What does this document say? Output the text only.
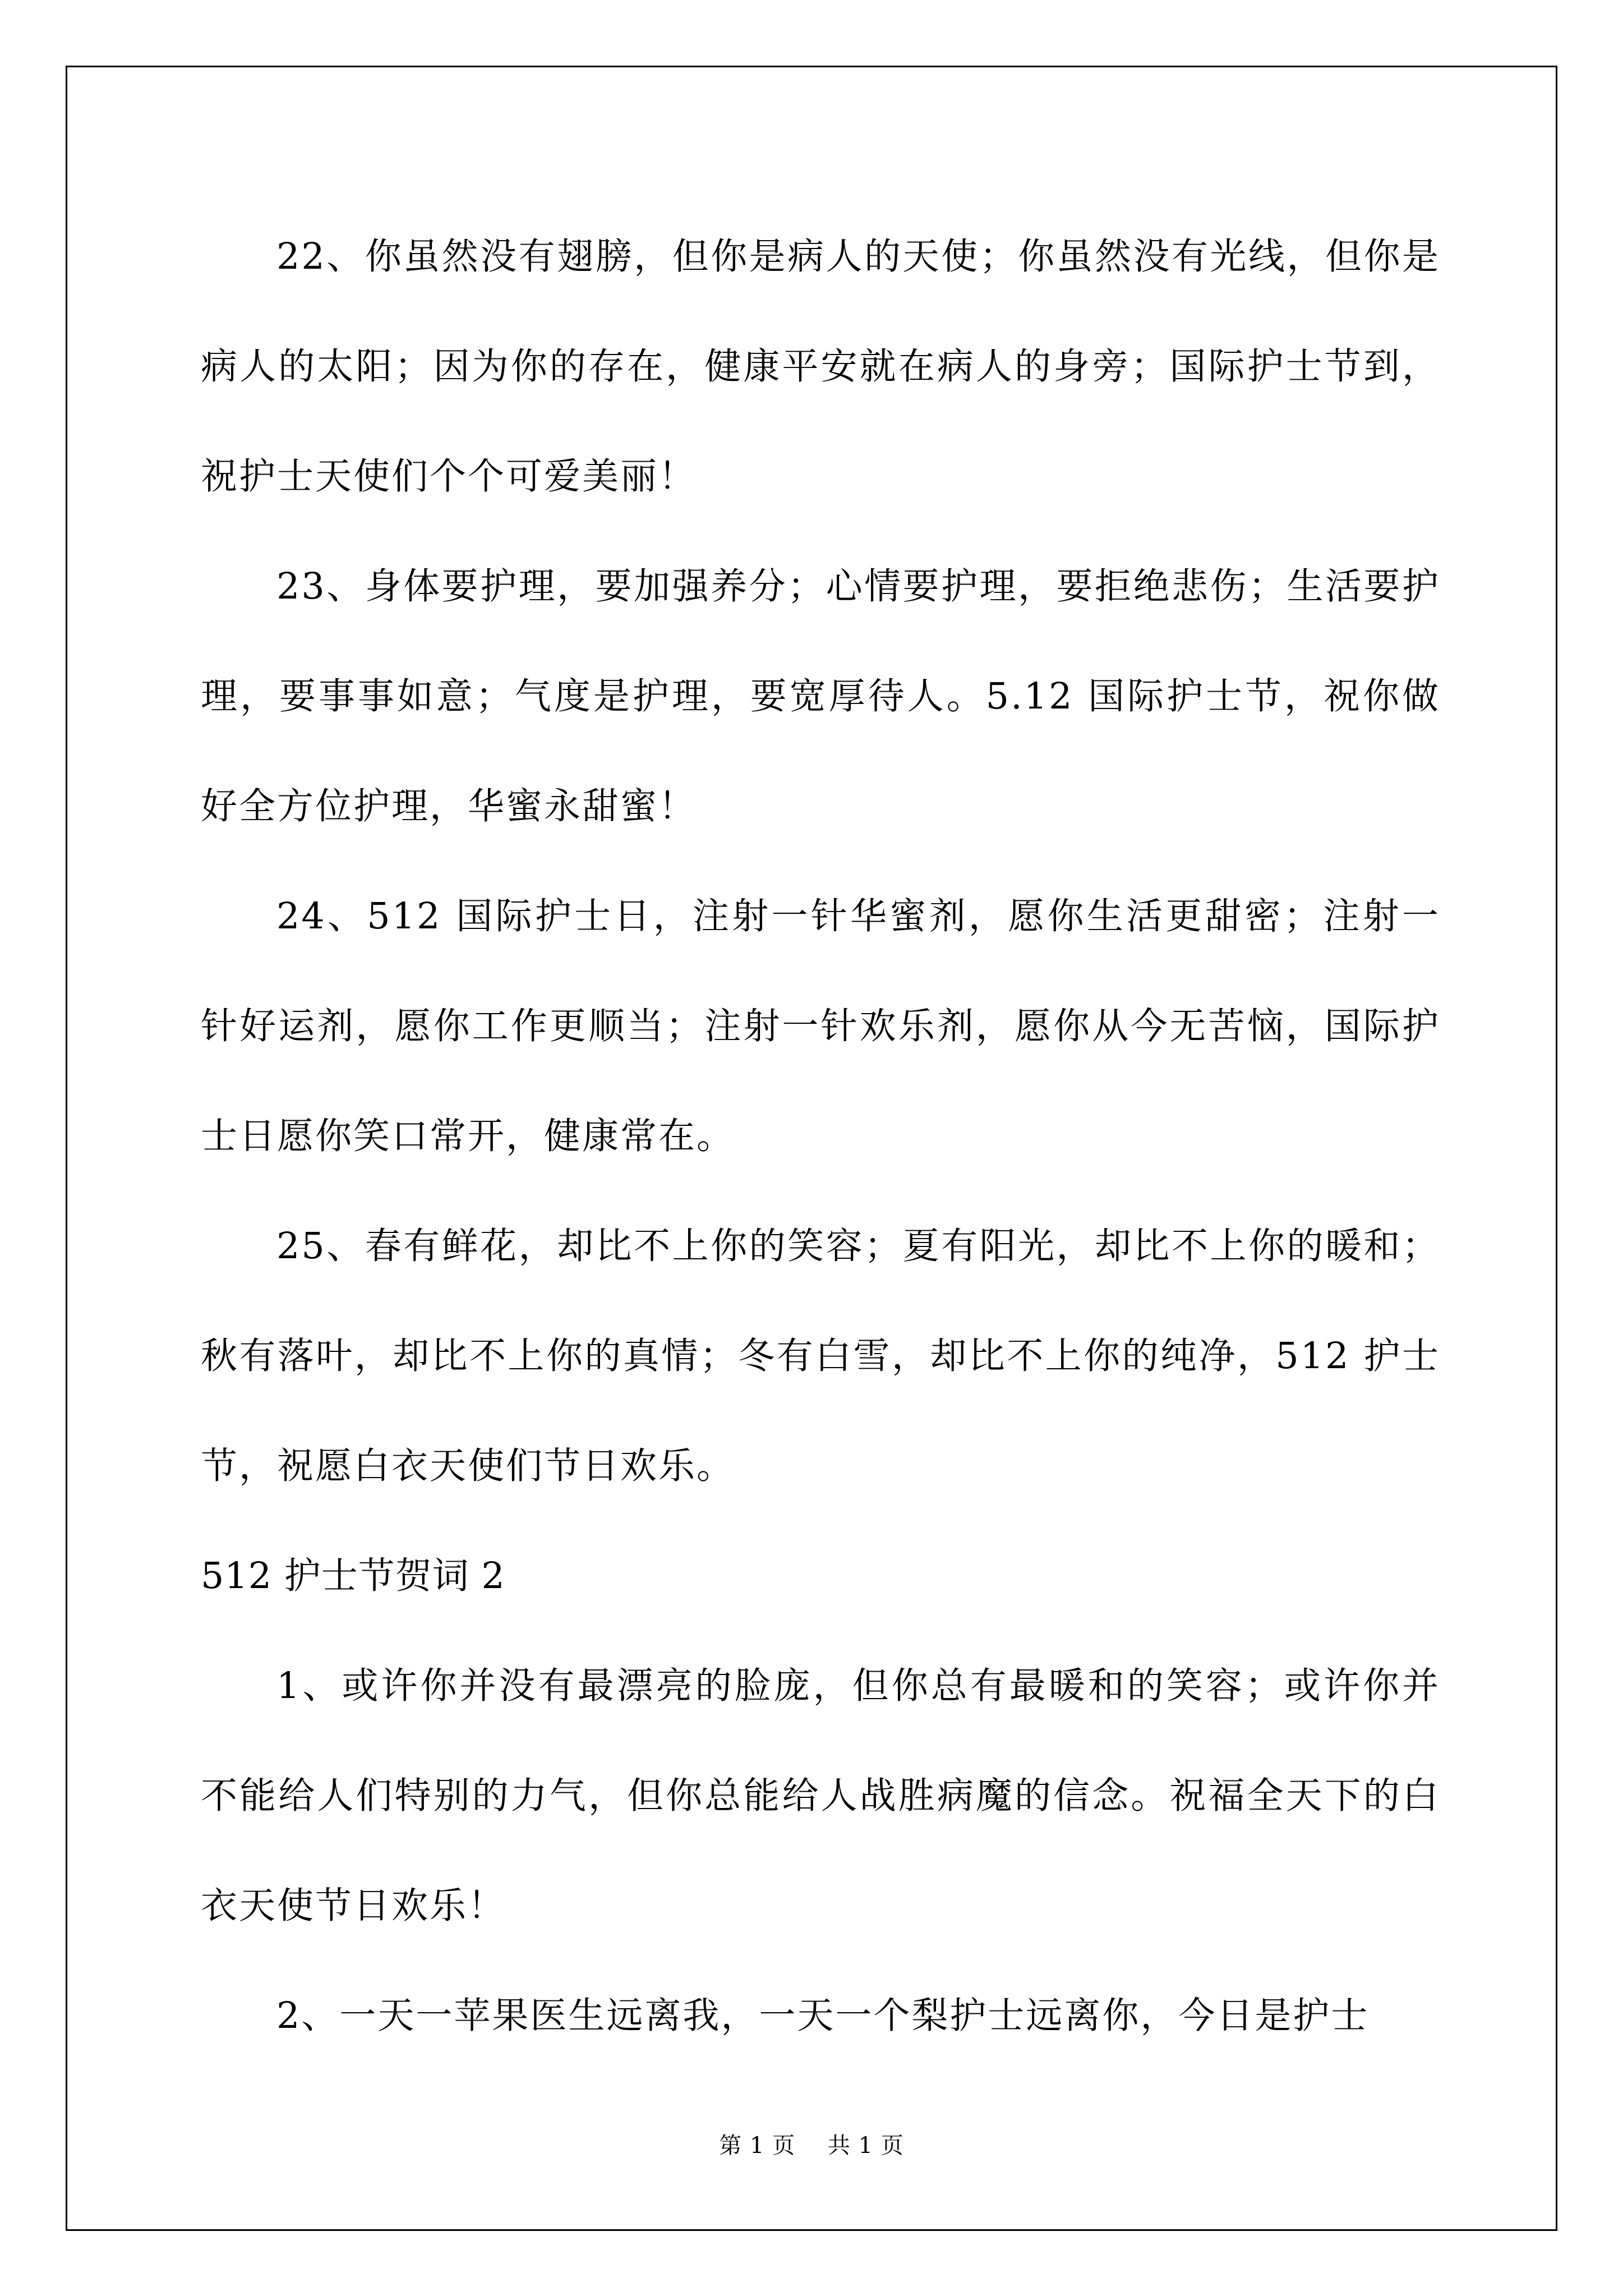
22、你虽然没有翅膀，但你是病人的天使；你虽然没有光线，但你是病人的太阳；因为你的存在，健康平安就在病人的身旁；国际护士节到，祝护士天使们个个可爱美丽！

23、身体要护理，要加强养分；心情要护理，要拒绝悲伤；生活要护理，要事事如意；气度是护理，要宽厚待人。5.12 国际护士节，祝你做好全方位护理，华蜜永甜蜜！

24、512 国际护士日，注射一针华蜜剂，愿你生活更甜密；注射一针好运剂，愿你工作更顺当；注射一针欢乐剂，愿你从今无苦恼，国际护士日愿你笑口常开，健康常在。

25、春有鲜花，却比不上你的笑容；夏有阳光，却比不上你的暖和；秋有落叶，却比不上你的真情；冬有白雪，却比不上你的纯净，512 护士节，祝愿白衣天使们节日欢乐。

512 护士节贺词 2

1、或许你并没有最漂亮的脸庞，但你总有最暖和的笑容；或许你并不能给人们特别的力气，但你总能给人战胜病魔的信念。祝福全天下的白衣天使节日欢乐！

2、一天一苹果医生远离我，一天一个梨护士远离你，今日是护士

第 1 页 共 1 页
